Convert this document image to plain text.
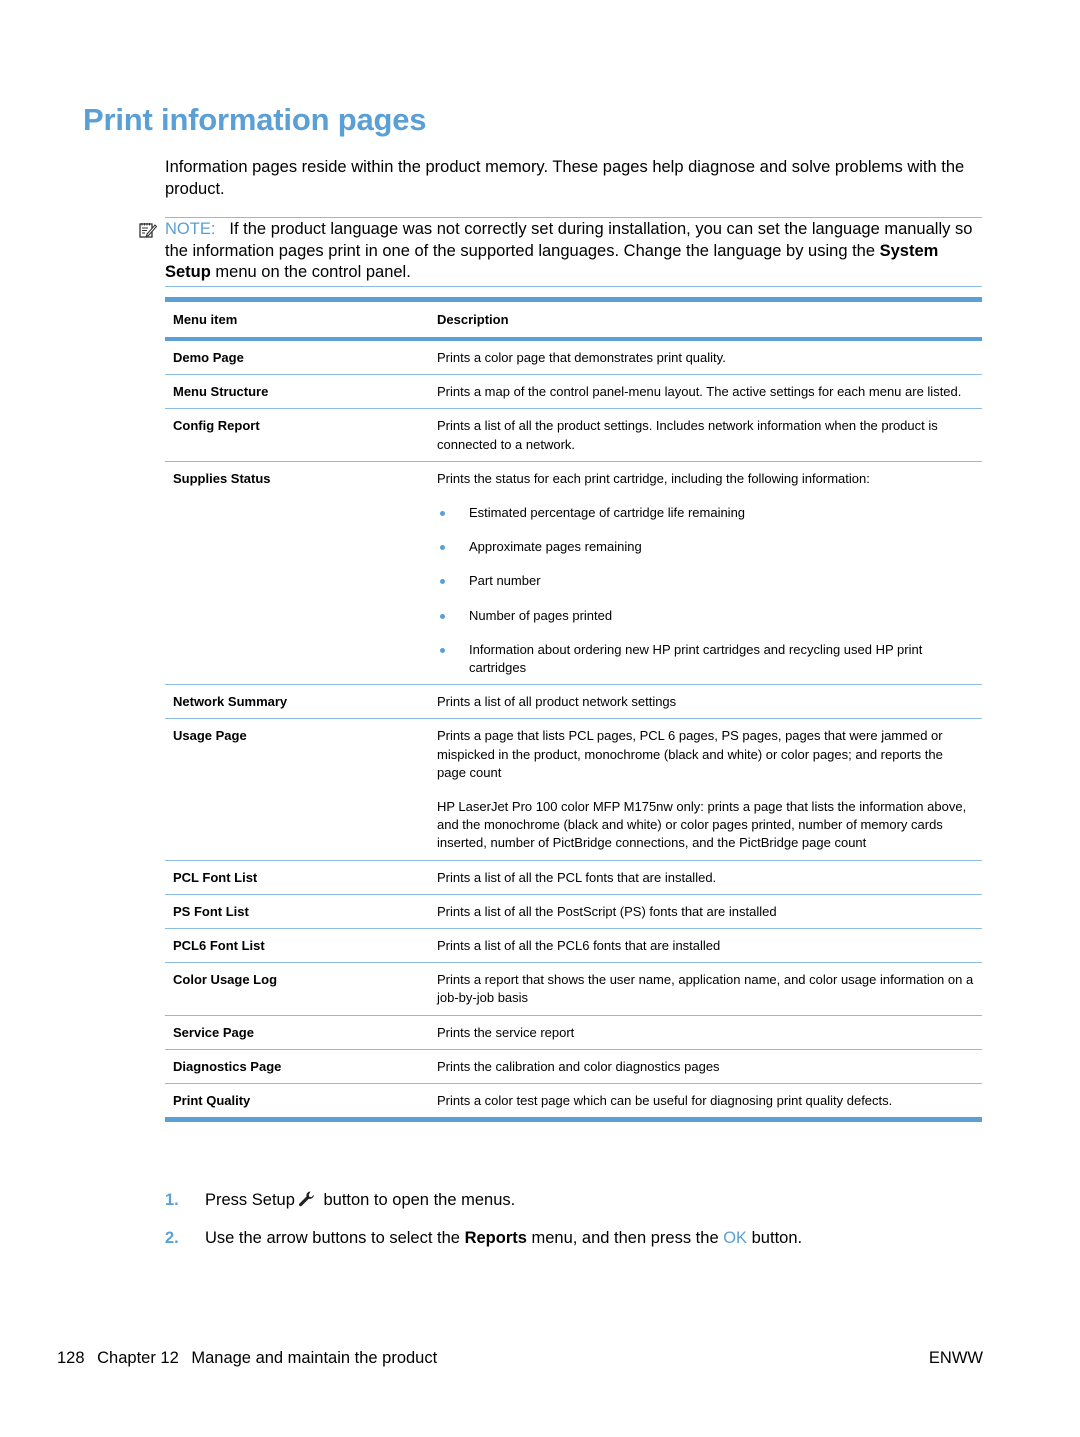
Print information pages

Information pages reside within the product memory. These pages help diagnose and solve problems with the product.

NOTE: If the product language was not correctly set during installation, you can set the language manually so the information pages print in one of the supported languages. Change the language by using the System Setup menu on the control panel.
Menu item	Description
Demo Page	Prints a color page that demonstrates print quality.

Menu Structure	Prints a map of the control panel-menu layout. The active settings for each menu are listed.

Config Report	Prints a list of all the product settings. Includes network information when the product is connected to a network.

Supplies Status	Prints the status for each print cartridge, including the following information:

Estimated percentage of cartridge life remaining
Approximate pages remaining
Part number
Number of pages printed
Information about ordering new HP print cartridges and recycling used HP print cartridges
Network Summary	Prints a list of all product network settings

Usage Page	Prints a page that lists PCL pages, PCL 6 pages, PS pages, pages that were jammed or mispicked in the product, monochrome (black and white) or color pages; and reports the page count

HP LaserJet Pro 100 color MFP M175nw only: prints a page that lists the information above, and the monochrome (black and white) or color pages printed, number of memory cards inserted, number of PictBridge connections, and the PictBridge page count

PCL Font List	Prints a list of all the PCL fonts that are installed.

PS Font List	Prints a list of all the PostScript (PS) fonts that are installed

PCL6 Font List	Prints a list of all the PCL6 fonts that are installed

Color Usage Log	Prints a report that shows the user name, application name, and color usage information on a job-by-job basis

Service Page	Prints the service report

Diagnostics Page	Prints the calibration and color diagnostics pages

Print Quality	Prints a color test page which can be useful for diagnosing print quality defects.

1.	Press Setup button to open the menus.
2.	Use the arrow buttons to select the Reports menu, and then press the OK button.
128 Chapter 12 Manage and maintain the product	ENWW
